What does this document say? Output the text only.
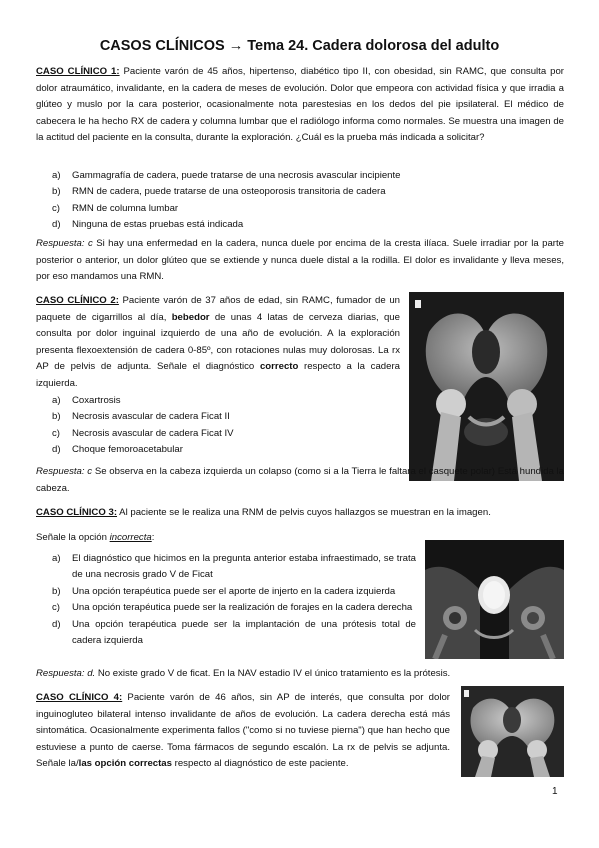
CASOS CLÍNICOS → Tema 24. Cadera dolorosa del adulto

CASO CLÍNICO 1: Paciente varón de 45 años, hipertenso, diabético tipo II, con obesidad, sin RAMC, que consulta por dolor atraumático, invalidante, en la cadera de meses de evolución. Dolor que empeora con actividad física y que irradia a glúteo y muslo por la cara posterior, ocasionalmente nota parestesias en los dedos del pie ipsilateral. El médico de cabecera le ha hecho RX de cadera y columna lumbar que el radiólogo informa como normales. Se muestra una imagen de la actitud del paciente en la consulta, durante la exploración. ¿Cuál es la prueba más indicada a solicitar?

a) Gammagrafía de cadera, puede tratarse de una necrosis avascular incipiente
b) RMN de cadera, puede tratarse de una osteoporosis transitoria de cadera
c) RMN de columna lumbar
d) Ninguna de estas pruebas está indicada

Respuesta: c Si hay una enfermedad en la cadera, nunca duele por encima de la cresta ilíaca. Suele irradiar por la parte posterior o anterior, un dolor glúteo que se extiende y nunca duele distal a la rodilla. El dolor es invalidante y lleva meses, por eso mandamos una RMN.

CASO CLÍNICO 2: Paciente varón de 37 años de edad, sin RAMC, fumador de un paquete de cigarrillos al día, bebedor de unas 4 latas de cerveza diarias, que consulta por dolor inguinal izquierdo de una año de evolución. A la exploración presenta flexoextensión de cadera 0-85º, con rotaciones nulas muy dolorosas. La rx AP de pelvis de adjunta. Señale el diagnóstico correcto respecto a la cadera izquierda.

a) Coxartrosis
b) Necrosis avascular de cadera Ficat II
c) Necrosis avascular de cadera Ficat IV
d) Choque femoroacetabular

Respuesta: c Se observa en la cabeza izquierda un colapso (como si a la Tierra le faltara el casquete polar) Está hundida la cabeza.

CASO CLÍNICO 3: Al paciente se le realiza una RNM de pelvis cuyos hallazgos se muestran en la imagen.

Señale la opción incorrecta:

a) El diagnóstico que hicimos en la pregunta anterior estaba infraestimado, se trata de una necrosis grado V de Ficat
b) Una opción terapéutica puede ser el aporte de injerto en la cadera izquierda
c) Una opción terapéutica puede ser la realización de forajes en la cadera derecha
d) Una opción terapéutica puede ser la implantación de una prótesis total de cadera izquierda

Respuesta: d. No existe grado V de ficat. En la NAV estadio IV el único tratamiento es la prótesis.

CASO CLÍNICO 4: Paciente varón de 46 años, sin AP de interés, que consulta por dolor inguinogluteo bilateral intenso invalidante de años de evolución. La cadera derecha está más sintomática. Ocasionalmente experimenta fallos ("como si no tuviese pierna") que han hecho que estuviese a punto de caerse. Toma fármacos de segundo escalón. La rx de pelvis se adjunta. Señale la/las opción correctas respecto al diagnóstico de este paciente.

1
